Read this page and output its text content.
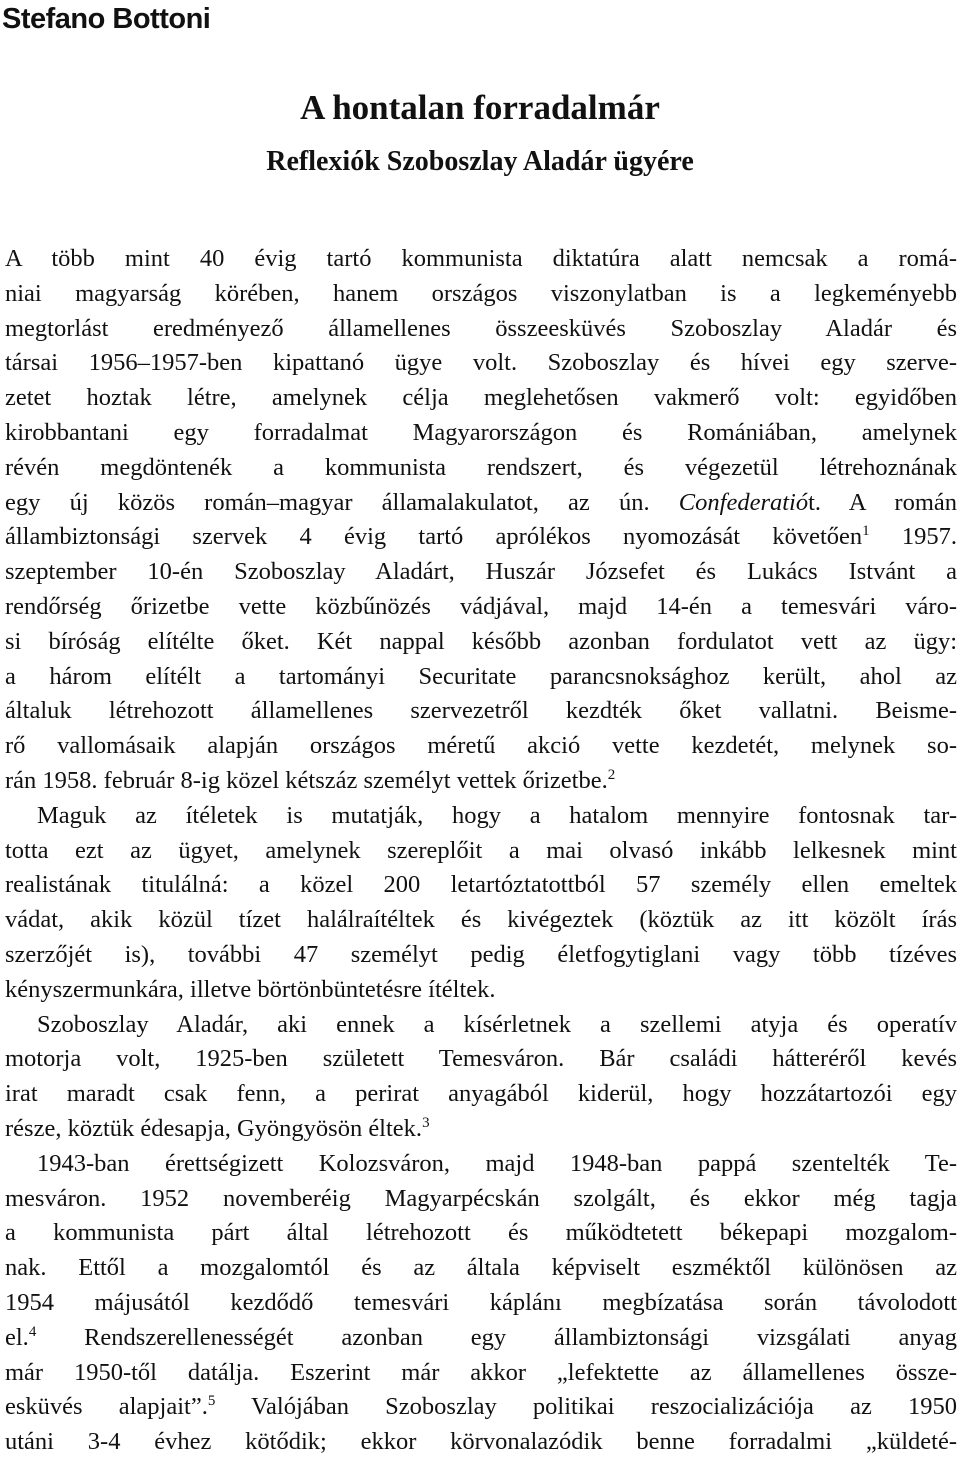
Stefano Bottoni
A hontalan forradalmár
Reflexiók Szoboszlay Aladár ügyére
A több mint 40 évig tartó kommunista diktatúra alatt nemcsak a romá-
niai magyarság körében, hanem országos viszonylatban is a legkeményebb
megtorlást eredményező államellenes összeesküvés Szoboszlay Aladár és
társai 1956–1957-ben kipattanó ügye volt. Szoboszlay és hívei egy szerve-
zetet hoztak létre, amelynek célja meglehetősen vakmerő volt: egyidőben
kirobbantani egy forradalmat Magyarországon és Romániában, amelynek
révén megdöntenék a kommunista rendszert, és végezetül létrehoznának
egy új közös román–magyar államalakulatot, az ún. Confederatiót. A román
állambiztonsági szervek 4 évig tartó aprólékos nyomozását követően$^1$ 1957.
szeptember 10-én Szoboszlay Aladárt, Huszár Józsefet és Lukács Istvánt a
rendőrség őrizetbe vette közbűnözés vádjával, majd 14-én a temesvári váro-
si bíróság elítélte őket. Két nappal később azonban fordulatot vett az ügy:
a három elítélt a tartományi Securitate parancsnoksághoz került, ahol az
általuk létrehozott államellenes szervezetről kezdték őket vallatni. Beisme-
rő vallomásaik alapján országos méretű akció vette kezdetét, melynek so-
rán 1958. február 8-ig közel kétszáz személyt vettek őrizetbe.$^2$
Maguk az ítéletek is mutatják, hogy a hatalom mennyire fontosnak tar-
totta ezt az ügyet, amelynek szereplőit a mai olvasó inkább lelkesnek mint
realistának titulálná: a közel 200 letartóztatottból 57 személy ellen emeltek
vádat, akik közül tízet halálraítéltek és kivégeztek (köztük az itt közölt írás
szerzőjét is), további 47 személyt pedig életfogytiglani vagy több tízéves
kényszermunkára, illetve börtönbüntetésre ítéltek.
Szoboszlay Aladár, aki ennek a kísérletnek a szellemi atyja és operatív
motorja volt, 1925-ben született Temesváron. Bár családi hátteréről kevés
irat maradt csak fenn, a perirat anyagából kiderül, hogy hozzátartozói egy
része, köztük édesapja, Gyöngyösön éltek.$^3$
1943-ban érettségizett Kolozsváron, majd 1948-ban pappá szentelték Te-
mesváron. 1952 novemberéig Magyarpécskán szolgált, és ekkor még tagja
a kommunista párt által létrehozott és működtetett békepapi mozgalom-
nak. Ettől a mozgalomtól és az általa képviselt eszméktől különösen az
1954 májusától kezdődő temesvári káplánı megbízatása során távolodott
el.$^4$ Rendszerellenességét azonban egy állambiztonsági vizsgálati anyag
már 1950-től datálja. Eszerint már akkor „lefektette az államellenes össze-
esküvés alapjait”.$^5$ Valójában Szoboszlay politikai reszocializációja az 1950
utáni 3-4 évhez kötődik; ekkor körvonalazódik benne forradalmi „küldeté-
